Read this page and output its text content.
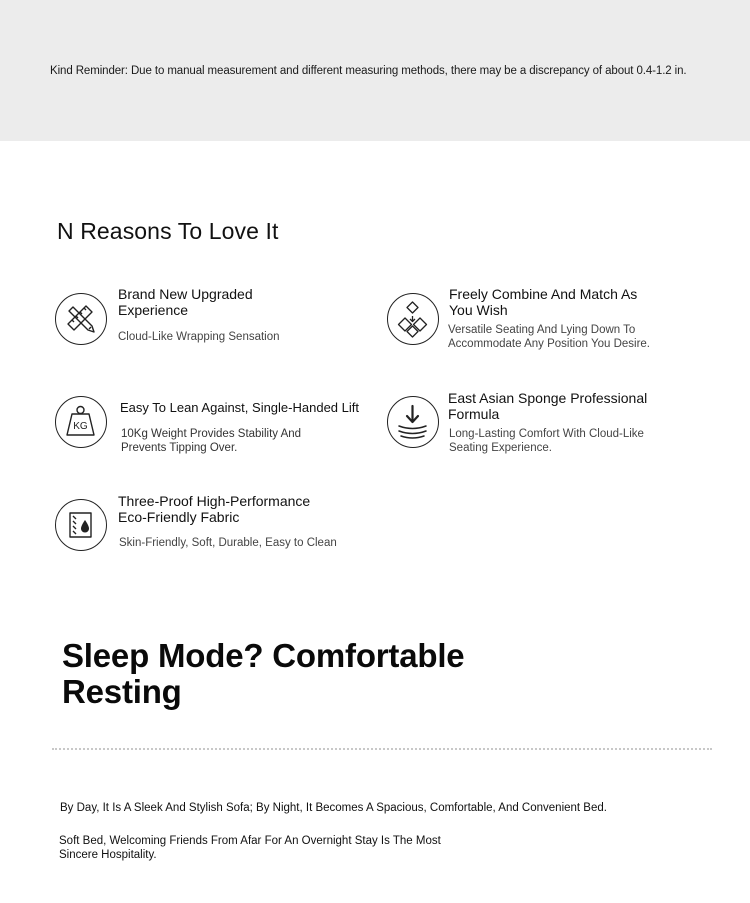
Kind Reminder: Due to manual measurement and different measuring methods, there may be a discrepancy of about 0.4-1.2 in.
N Reasons To Love It
Brand New Upgraded Experience
Cloud-Like Wrapping Sensation
Freely Combine And Match As You Wish
Versatile Seating And Lying Down To Accommodate Any Position You Desire.
KG
Easy To Lean Against, Single-Handed Lift
10Kg Weight Provides Stability And Prevents Tipping Over.
East Asian Sponge Professional Formula
Long-Lasting Comfort With Cloud-Like Seating Experience.
Three-Proof High-Performance Eco-Friendly Fabric
Skin-Friendly, Soft, Durable, Easy to Clean
Sleep Mode? Comfortable Resting
By Day, It Is A Sleek And Stylish Sofa; By Night, It Becomes A Spacious, Comfortable, And Convenient Bed.
Soft Bed, Welcoming Friends From Afar For An Overnight Stay Is The Most Sincere Hospitality.
